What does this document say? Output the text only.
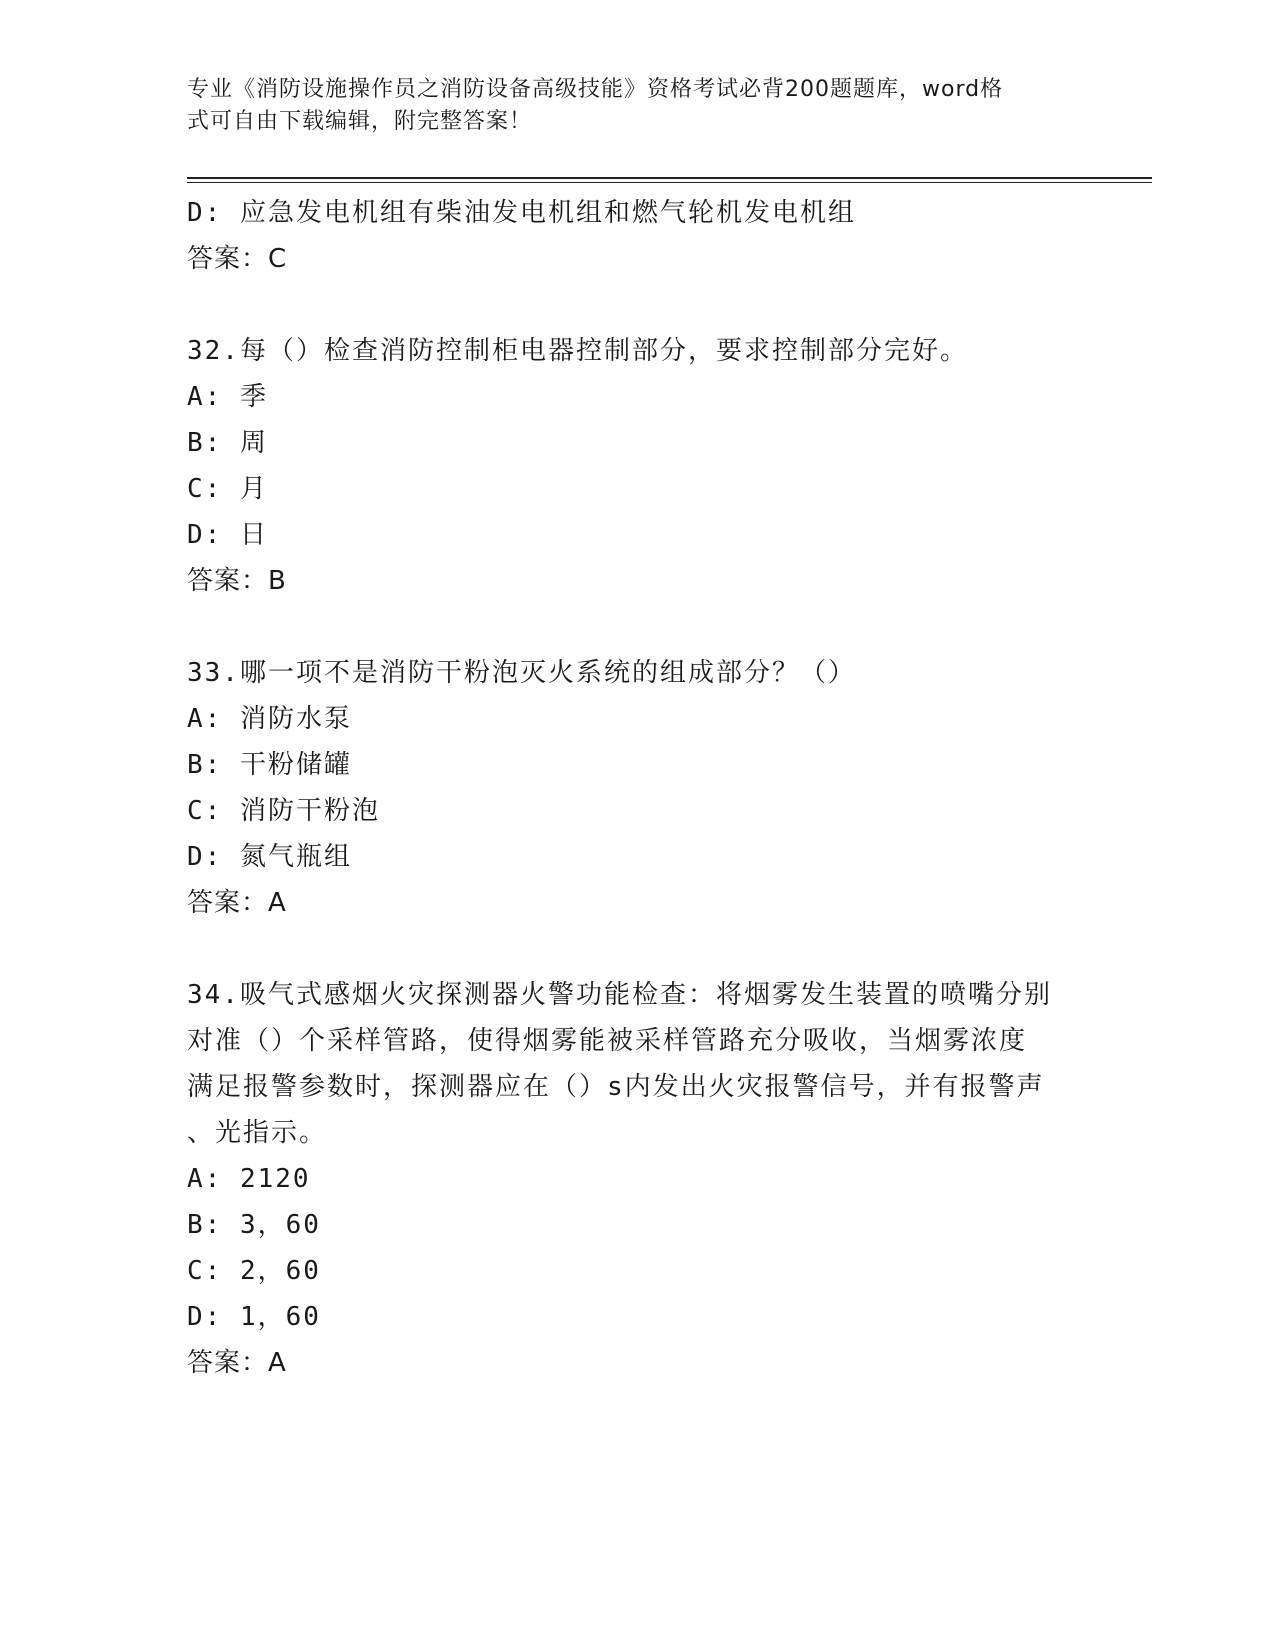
专业《消防设施操作员之消防设备高级技能》资格考试必背200题题库，word格
式可自由下载编辑，附完整答案！
D: 应急发电机组有柴油发电机组和燃气轮机发电机组
答案：C
32.每（）检查消防控制柜电器控制部分，要求控制部分完好。
A: 季
B: 周
C: 月
D: 日
答案：B
33.哪一项不是消防干粉泡灭火系统的组成部分？（）
A: 消防水泵
B: 干粉储罐
C: 消防干粉泡
D: 氮气瓶组
答案：A
34.吸气式感烟火灾探测器火警功能检查：将烟雾发生装置的喷嘴分别
对准（）个采样管路，使得烟雾能被采样管路充分吸收，当烟雾浓度
满足报警参数时，探测器应在（）s内发出火灾报警信号，并有报警声
、光指示。
A: 2120
B: 3，60
C: 2，60
D: 1，60
答案：A
